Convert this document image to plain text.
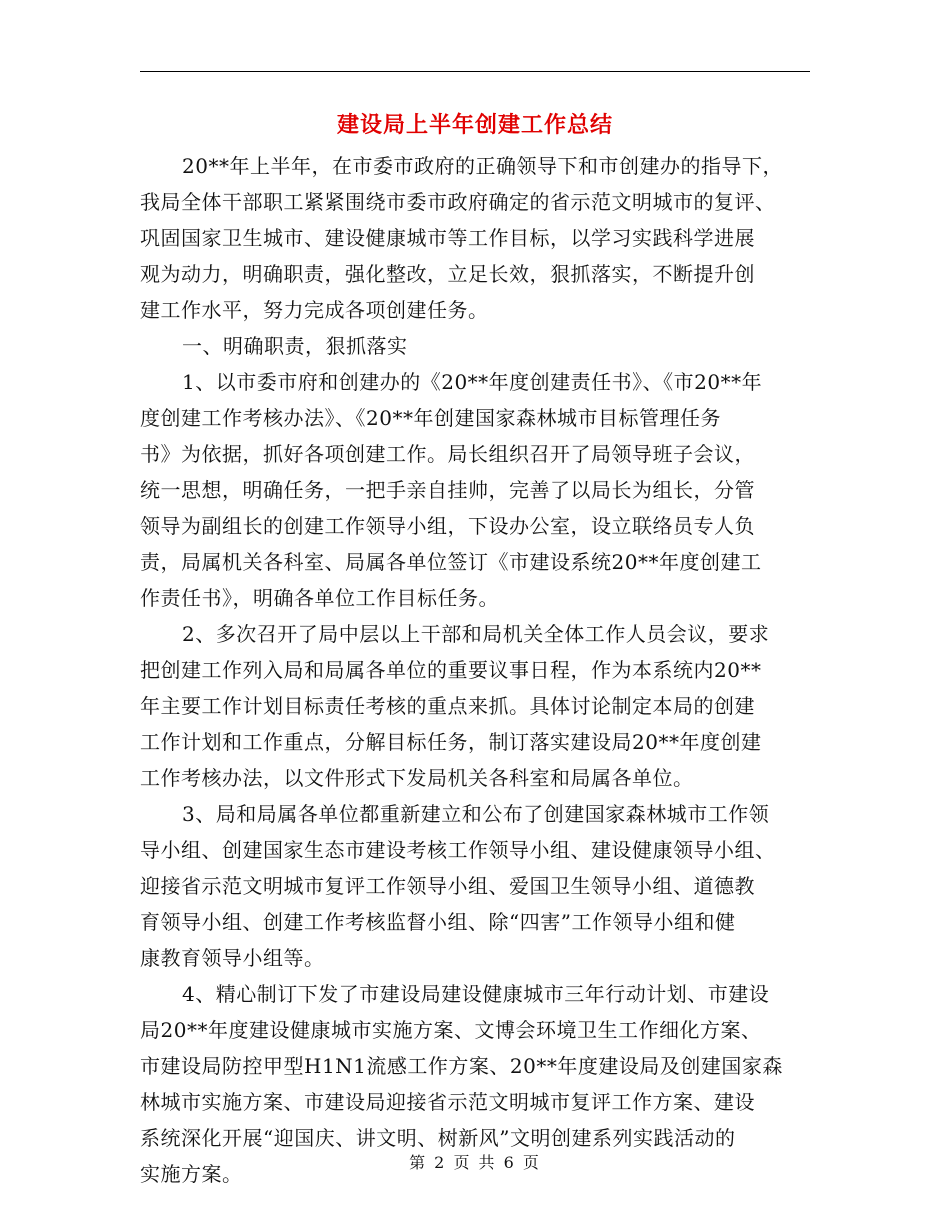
建设局上半年创建工作总结
20**年上半年，在市委市政府的正确领导下和市创建办的指导下，
我局全体干部职工紧紧围绕市委市政府确定的省示范文明城市的复评、
巩固国家卫生城市、建设健康城市等工作目标，以学习实践科学进展
观为动力，明确职责，强化整改，立足长效，狠抓落实，不断提升创
建工作水平，努力完成各项创建任务。
一、明确职责，狠抓落实
1、以市委市府和创建办的《20**年度创建责任书》、《市20**年
度创建工作考核办法》、《20**年创建国家森林城市目标管理任务
书》为依据，抓好各项创建工作。局长组织召开了局领导班子会议，
统一思想，明确任务，一把手亲自挂帅，完善了以局长为组长，分管
领导为副组长的创建工作领导小组，下设办公室，设立联络员专人负
责，局属机关各科室、局属各单位签订《市建设系统20**年度创建工
作责任书》，明确各单位工作目标任务。
2、多次召开了局中层以上干部和局机关全体工作人员会议，要求
把创建工作列入局和局属各单位的重要议事日程，作为本系统内20**
年主要工作计划目标责任考核的重点来抓。具体讨论制定本局的创建
工作计划和工作重点，分解目标任务，制订落实建设局20**年度创建
工作考核办法，以文件形式下发局机关各科室和局属各单位。
3、局和局属各单位都重新建立和公布了创建国家森林城市工作领
导小组、创建国家生态市建设考核工作领导小组、建设健康领导小组、
迎接省示范文明城市复评工作领导小组、爱国卫生领导小组、道德教
育领导小组、创建工作考核监督小组、除“四害”工作领导小组和健
康教育领导小组等。
4、精心制订下发了市建设局建设健康城市三年行动计划、市建设
局20**年度建设健康城市实施方案、文博会环境卫生工作细化方案、
市建设局防控甲型H1N1流感工作方案、20**年度建设局及创建国家森
林城市实施方案、市建设局迎接省示范文明城市复评工作方案、建设
系统深化开展“迎国庆、讲文明、树新风”文明创建系列实践活动的
实施方案。	第 2 页 共 6 页
